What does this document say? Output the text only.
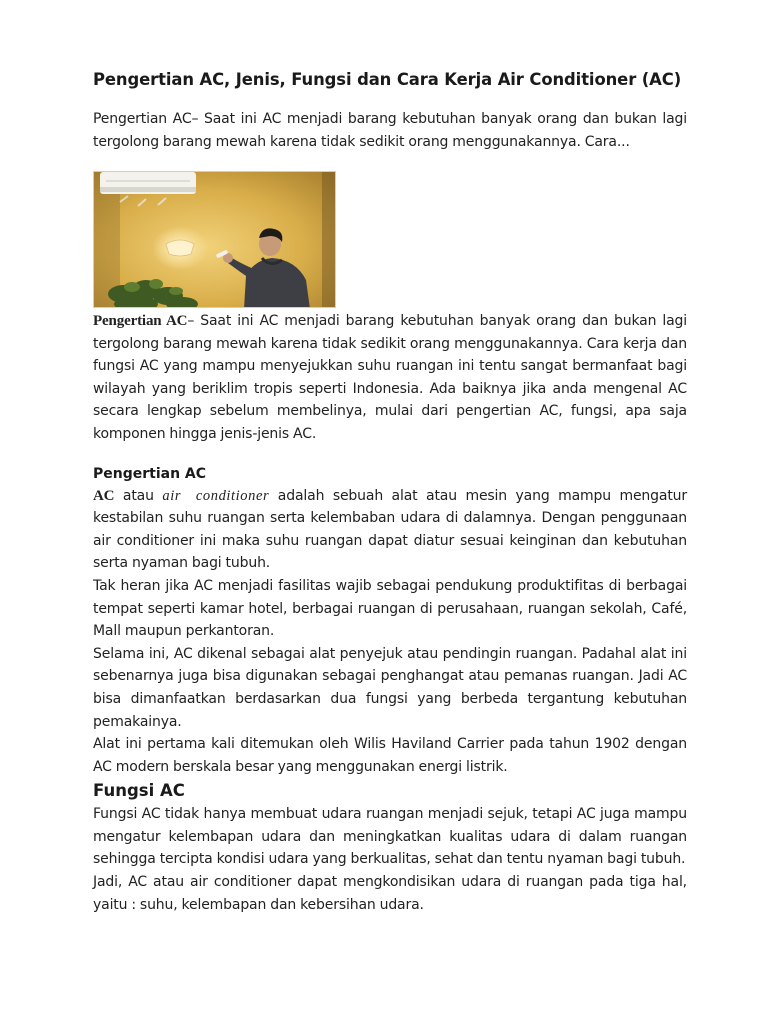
Pengertian AC, Jenis, Fungsi dan Cara Kerja Air Conditioner (AC)

Pengertian AC– Saat ini AC menjadi barang kebutuhan banyak orang dan bukan lagi tergolong barang mewah karena tidak sedikit orang menggunakannya. Cara...

Pengertian AC– Saat ini AC menjadi barang kebutuhan banyak orang dan bukan lagi tergolong barang mewah karena tidak sedikit orang menggunakannya. Cara kerja dan fungsi AC yang mampu menyejukkan suhu ruangan ini tentu sangat bermanfaat bagi wilayah yang beriklim tropis seperti Indonesia. Ada baiknya jika anda mengenal AC secara lengkap sebelum membelinya, mulai dari pengertian AC, fungsi, apa saja komponen hingga jenis-jenis AC.

Pengertian AC

AC atau air conditioner adalah sebuah alat atau mesin yang mampu mengatur kestabilan suhu ruangan serta kelembaban udara di dalamnya. Dengan penggunaan air conditioner ini maka suhu ruangan dapat diatur sesuai keinginan dan kebutuhan serta nyaman bagi tubuh.

Tak heran jika AC menjadi fasilitas wajib sebagai pendukung produktifitas di berbagai tempat seperti kamar hotel, berbagai ruangan di perusahaan, ruangan sekolah, Café, Mall maupun perkantoran.

Selama ini, AC dikenal sebagai alat penyejuk atau pendingin ruangan. Padahal alat ini sebenarnya juga bisa digunakan sebagai penghangat atau pemanas ruangan. Jadi AC bisa dimanfaatkan berdasarkan dua fungsi yang berbeda tergantung kebutuhan pemakainya.

Alat ini pertama kali ditemukan oleh Wilis Haviland Carrier pada tahun 1902 dengan AC modern berskala besar yang menggunakan energi listrik.

Fungsi AC

Fungsi AC tidak hanya membuat udara ruangan menjadi sejuk, tetapi AC juga mampu mengatur kelembapan udara dan meningkatkan kualitas udara di dalam ruangan sehingga tercipta kondisi udara yang berkualitas, sehat dan tentu nyaman bagi tubuh.

Jadi, AC atau air conditioner dapat mengkondisikan udara di ruangan pada tiga hal, yaitu : suhu, kelembapan dan kebersihan udara.
